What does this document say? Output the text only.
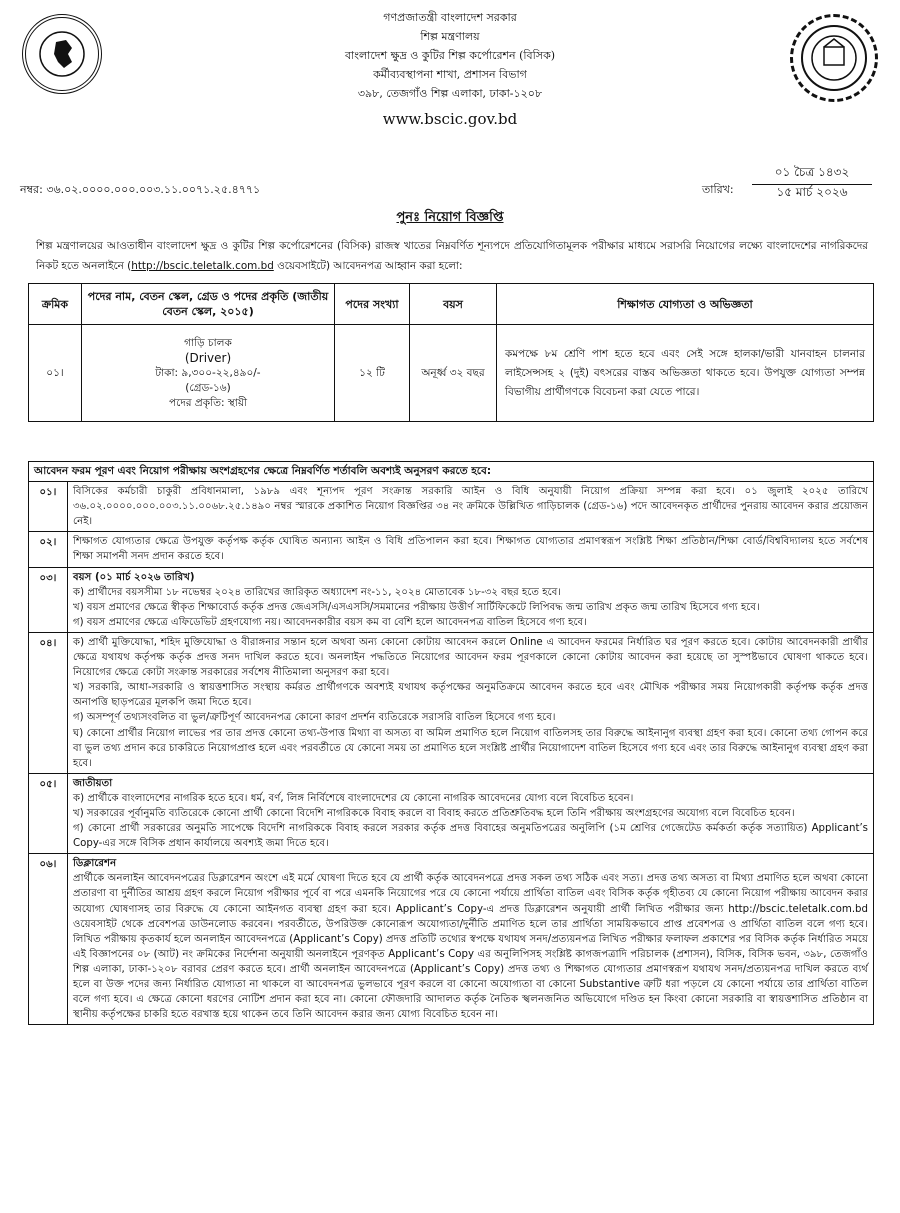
গণপ্রজাতন্ত্রী বাংলাদেশ সরকার
শিল্প মন্ত্রণালয়
বাংলাদেশ ক্ষুদ্র ও কুটির শিল্প কর্পোরেশন (বিসিক)
কর্মীব্যবস্থাপনা শাখা, প্রশাসন বিভাগ
৩৯৮, তেজগাঁও শিল্প এলাকা, ঢাকা-১২০৮
www.bscic.gov.bd
নম্বর: ৩৬.০২.০০০০.০০০.০০৩.১১.০০৭১.২৫.৪৭৭১	তারিখ:
০১ চৈত্র ১৪৩২
১৫ মার্চ ২০২৬
পুনঃ নিয়োগ বিজ্ঞপ্তি
শিল্প মন্ত্রণালয়ের আওতাধীন বাংলাদেশ ক্ষুদ্র ও কুটির শিল্প কর্পোরেশনের (বিসিক) রাজস্ব খাতের নিম্নবর্ণিত শূন্যপদে প্রতিযোগিতামূলক পরীক্ষার মাধ্যমে সরাসরি নিয়োগের লক্ষ্যে বাংলাদেশের নাগরিকদের নিকট হতে অনলাইনে (http://bscic.teletalk.com.bd ওয়েবসাইটে) আবেদনপত্র আহ্বান করা হলো:
ক্রমিক	পদের নাম, বেতন স্কেল, গ্রেড ও পদের প্রকৃতি (জাতীয় বেতন স্কেল, ২০১৫)	পদের সংখ্যা	বয়স	শিক্ষাগত যোগ্যতা ও অভিজ্ঞতা
০১।	গাড়ি চালক
(Driver)
টাকা: ৯,৩০০-২২,৪৯০/-
(গ্রেড-১৬)
পদের প্রকৃতি: স্থায়ী	১২ টি	অনূর্ধ্ব ৩২ বছর	কমপক্ষে ৮ম শ্রেণি পাশ হতে হবে এবং সেই সঙ্গে হালকা/ভারী যানবাহন চালনার লাইসেন্সসহ ২ (দুই) বৎসরের বাস্তব অভিজ্ঞতা থাকতে হবে। উপযুক্ত যোগ্যতা সম্পন্ন বিভাগীয় প্রার্থীগণকে বিবেচনা করা যেতে পারে।
আবেদন ফরম পূরণ এবং নিয়োগ পরীক্ষায় অংশগ্রহণের ক্ষেত্রে নিম্নবর্ণিত শর্তাবলি অবশ্যই অনুসরণ করতে হবে:	
০১।	বিসিকের কর্মচারী চাকুরী প্রবিধানমালা, ১৯৮৯ এবং শূন্যপদ পূরণ সংক্রান্ত সরকারি আইন ও বিধি অনুযায়ী নিয়োগ প্রক্রিয়া সম্পন্ন করা হবে। ০১ জুলাই ২০২৫ তারিখে ৩৬.০২.০০০০.০০০.০০৩.১১.০০৬৮.২৫.১৪৯০ নম্বর স্মারকে প্রকাশিত নিয়োগ বিজ্ঞপ্তির ৩৪ নং ক্রমিকে উল্লিখিত গাড়িচালক (গ্রেড-১৬) পদে আবেদনকৃত প্রার্থীদের পুনরায় আবেদন করার প্রয়োজন নেই।

০২।	শিক্ষাগত যোগ্যতার ক্ষেত্রে উপযুক্ত কর্তৃপক্ষ কর্তৃক ঘোষিত অন্যান্য আইন ও বিধি প্রতিপালন করা হবে। শিক্ষাগত যোগ্যতার প্রমাণস্বরূপ সংশ্লিষ্ট শিক্ষা প্রতিষ্ঠান/শিক্ষা বোর্ড/বিশ্ববিদ্যালয় হতে সর্বশেষ শিক্ষা সমাপনী সনদ প্রদান করতে হবে।

০৩।	বয়স (০১ মার্চ ২০২৬ তারিখ)

ক) প্রার্থীদের বয়সসীমা ১৮ নভেম্বর ২০২৪ তারিখের জারিকৃত অধ্যাদেশ নং-১১, ২০২৪ মোতাবেক ১৮-৩২ বছর হতে হবে।

খ) বয়স প্রমাণের ক্ষেত্রে স্বীকৃত শিক্ষাবোর্ড কর্তৃক প্রদত্ত জেএসসি/এসএসসি/সমমানের পরীক্ষায় উত্তীর্ণ সার্টিফিকেটে লিপিবদ্ধ জন্ম তারিখ প্রকৃত জন্ম তারিখ হিসেবে গণ্য হবে।

গ) বয়স প্রমাণের ক্ষেত্রে এফিডেভিট গ্রহণযোগ্য নয়। আবেদনকারীর বয়স কম বা বেশি হলে আবেদনপত্র বাতিল হিসেবে গণ্য হবে।

০৪।	ক) প্রার্থী মুক্তিযোদ্ধা, শহিদ মুক্তিযোদ্ধা ও বীরাঙ্গনার সন্তান হলে অথবা অন্য কোনো কোটায় আবেদন করলে Online এ আবেদন ফরমের নির্ধারিত ঘর পূরণ করতে হবে। কোটায় আবেদনকারী প্রার্থীর ক্ষেত্রে যথাযথ কর্তৃপক্ষ কর্তৃক প্রদত্ত সনদ দাখিল করতে হবে। অনলাইন পদ্ধতিতে নিয়োগের আবেদন ফরম পূরণকালে কোনো কোটায় আবেদন করা হয়েছে তা সুস্পষ্টভাবে ঘোষণা থাকতে হবে। নিয়োগের ক্ষেত্রে কোটা সংক্রান্ত সরকারের সর্বশেষ নীতিমালা অনুসরণ করা হবে।

খ) সরকারি, আধা-সরকারি ও স্বায়ত্তশাসিত সংস্থায় কর্মরত প্রার্থীগণকে অবশ্যই যথাযথ কর্তৃপক্ষের অনুমতিক্রমে আবেদন করতে হবে এবং মৌখিক পরীক্ষার সময় নিয়োগকারী কর্তৃপক্ষ কর্তৃক প্রদত্ত অনাপত্তি ছাড়পত্রের মূলকপি জমা দিতে হবে।

গ) অসম্পূর্ণ তথ্যসংবলিত বা ভুল/ত্রুটিপূর্ণ আবেদনপত্র কোনো কারণ প্রদর্শন ব্যতিরেকে সরাসরি বাতিল হিসেবে গণ্য হবে।

ঘ) কোনো প্রার্থীর নিয়োগ লাভের পর তার প্রদত্ত কোনো তথ্য-উপাত্ত মিথ্যা বা অসত্য বা অমিল প্রমাণিত হলে নিয়োগ বাতিলসহ তার বিরুদ্ধে আইনানুগ ব্যবস্থা গ্রহণ করা হবে। কোনো তথ্য গোপন করে বা ভুল তথ্য প্রদান করে চাকরিতে নিয়োগপ্রাপ্ত হলে এবং পরবর্তীতে যে কোনো সময় তা প্রমাণিত হলে সংশ্লিষ্ট প্রার্থীর নিয়োগাদেশ বাতিল হিসেবে গণ্য হবে এবং তার বিরুদ্ধে আইনানুগ ব্যবস্থা গ্রহণ করা হবে।

০৫।	জাতীয়তা

ক) প্রার্থীকে বাংলাদেশের নাগরিক হতে হবে। ধর্ম, বর্ণ, লিঙ্গ নির্বিশেষে বাংলাদেশের যে কোনো নাগরিক আবেদনের যোগ্য বলে বিবেচিত হবেন।

খ) সরকারের পূর্বানুমতি ব্যতিরেকে কোনো প্রার্থী কোনো বিদেশি নাগরিককে বিবাহ করলে বা বিবাহ করতে প্রতিশ্রুতিবদ্ধ হলে তিনি পরীক্ষায় অংশগ্রহণের অযোগ্য বলে বিবেচিত হবেন।

গ) কোনো প্রার্থী সরকারের অনুমতি সাপেক্ষে বিদেশি নাগরিককে বিবাহ করলে সরকার কর্তৃক প্রদত্ত বিবাহের অনুমতিপত্রের অনুলিপি (১ম শ্রেণির গেজেটেড কর্মকর্তা কর্তৃক সত্যায়িত) Applicant’s Copy-এর সঙ্গে বিসিক প্রধান কার্যালয়ে অবশ্যই জমা দিতে হবে।

০৬।	ডিক্লারেশন

প্রার্থীকে অনলাইন আবেদনপত্রের ডিক্লারেশন অংশে এই মর্মে ঘোষণা দিতে হবে যে প্রার্থী কর্তৃক আবেদনপত্রে প্রদত্ত সকল তথ্য সঠিক এবং সত্য। প্রদত্ত তথ্য অসত্য বা মিথ্যা প্রমাণিত হলে অথবা কোনো প্রতারণা বা দুর্নীতির আশ্রয় গ্রহণ করলে নিয়োগ পরীক্ষার পূর্বে বা পরে এমনকি নিয়োগের পরে যে কোনো পর্যায়ে প্রার্থিতা বাতিল এবং বিসিক কর্তৃক গৃহীতব্য যে কোনো নিয়োগ পরীক্ষায় আবেদন করার অযোগ্য ঘোষণাসহ তার বিরুদ্ধে যে কোনো আইনগত ব্যবস্থা গ্রহণ করা হবে। Applicant’s Copy-এ প্রদত্ত ডিক্লারেশন অনুযায়ী প্রার্থী লিখিত পরীক্ষার জন্য http://bscic.teletalk.com.bd ওয়েবসাইট থেকে প্রবেশপত্র ডাউনলোড করবেন। পরবর্তীতে, উপরিউক্ত কোনোরূপ অযোগ্যতা/দুর্নীতি প্রমাণিত হলে তার প্রার্থিতা সাময়িকভাবে প্রাপ্ত প্রবেশপত্র ও প্রার্থিতা বাতিল বলে গণ্য হবে। লিখিত পরীক্ষায় কৃতকার্য হলে অনলাইন আবেদনপত্রে (Applicant’s Copy) প্রদত্ত প্রতিটি তথ্যের স্বপক্ষে যথাযথ সনদ/প্রত্যয়নপত্র লিখিত পরীক্ষার ফলাফল প্রকাশের পর বিসিক কর্তৃক নির্ধারিত সময়ে এই বিজ্ঞাপনের ০৮ (আট) নং ক্রমিকের নির্দেশনা অনুযায়ী অনলাইনে পূরণকৃত Applicant’s Copy এর অনুলিপিসহ সংশ্লিষ্ট কাগজপত্রাদি পরিচালক (প্রশাসন), বিসিক, বিসিক ভবন, ৩৯৮, তেজগাঁও শিল্প এলাকা, ঢাকা-১২০৮ বরাবর প্রেরণ করতে হবে। প্রার্থী অনলাইন আবেদনপত্রে (Applicant’s Copy) প্রদত্ত তথ্য ও শিক্ষাগত যোগ্যতার প্রমাণস্বরূপ যথাযথ সনদ/প্রত্যয়নপত্র দাখিল করতে ব্যর্থ হলে বা উক্ত পদের জন্য নির্ধারিত যোগ্যতা না থাকলে বা আবেদনপত্র ভুলভাবে পূরণ করলে বা কোনো অযোগ্যতা বা কোনো Substantive ত্রুটি ধরা পড়লে যে কোনো পর্যায়ে তার প্রার্থিতা বাতিল বলে গণ্য হবে। এ ক্ষেত্রে কোনো ধরণের নোটিশ প্রদান করা হবে না। কোনো ফৌজদারি আদালত কর্তৃক নৈতিক স্খলনজনিত অভিযোগে দণ্ডিত হন কিংবা কোনো সরকারি বা স্বায়ত্তশাসিত প্রতিষ্ঠান বা স্থানীয় কর্তৃপক্ষের চাকরি হতে বরখাস্ত হয়ে থাকেন তবে তিনি আবেদন করার জন্য যোগ্য বিবেচিত হবেন না।
